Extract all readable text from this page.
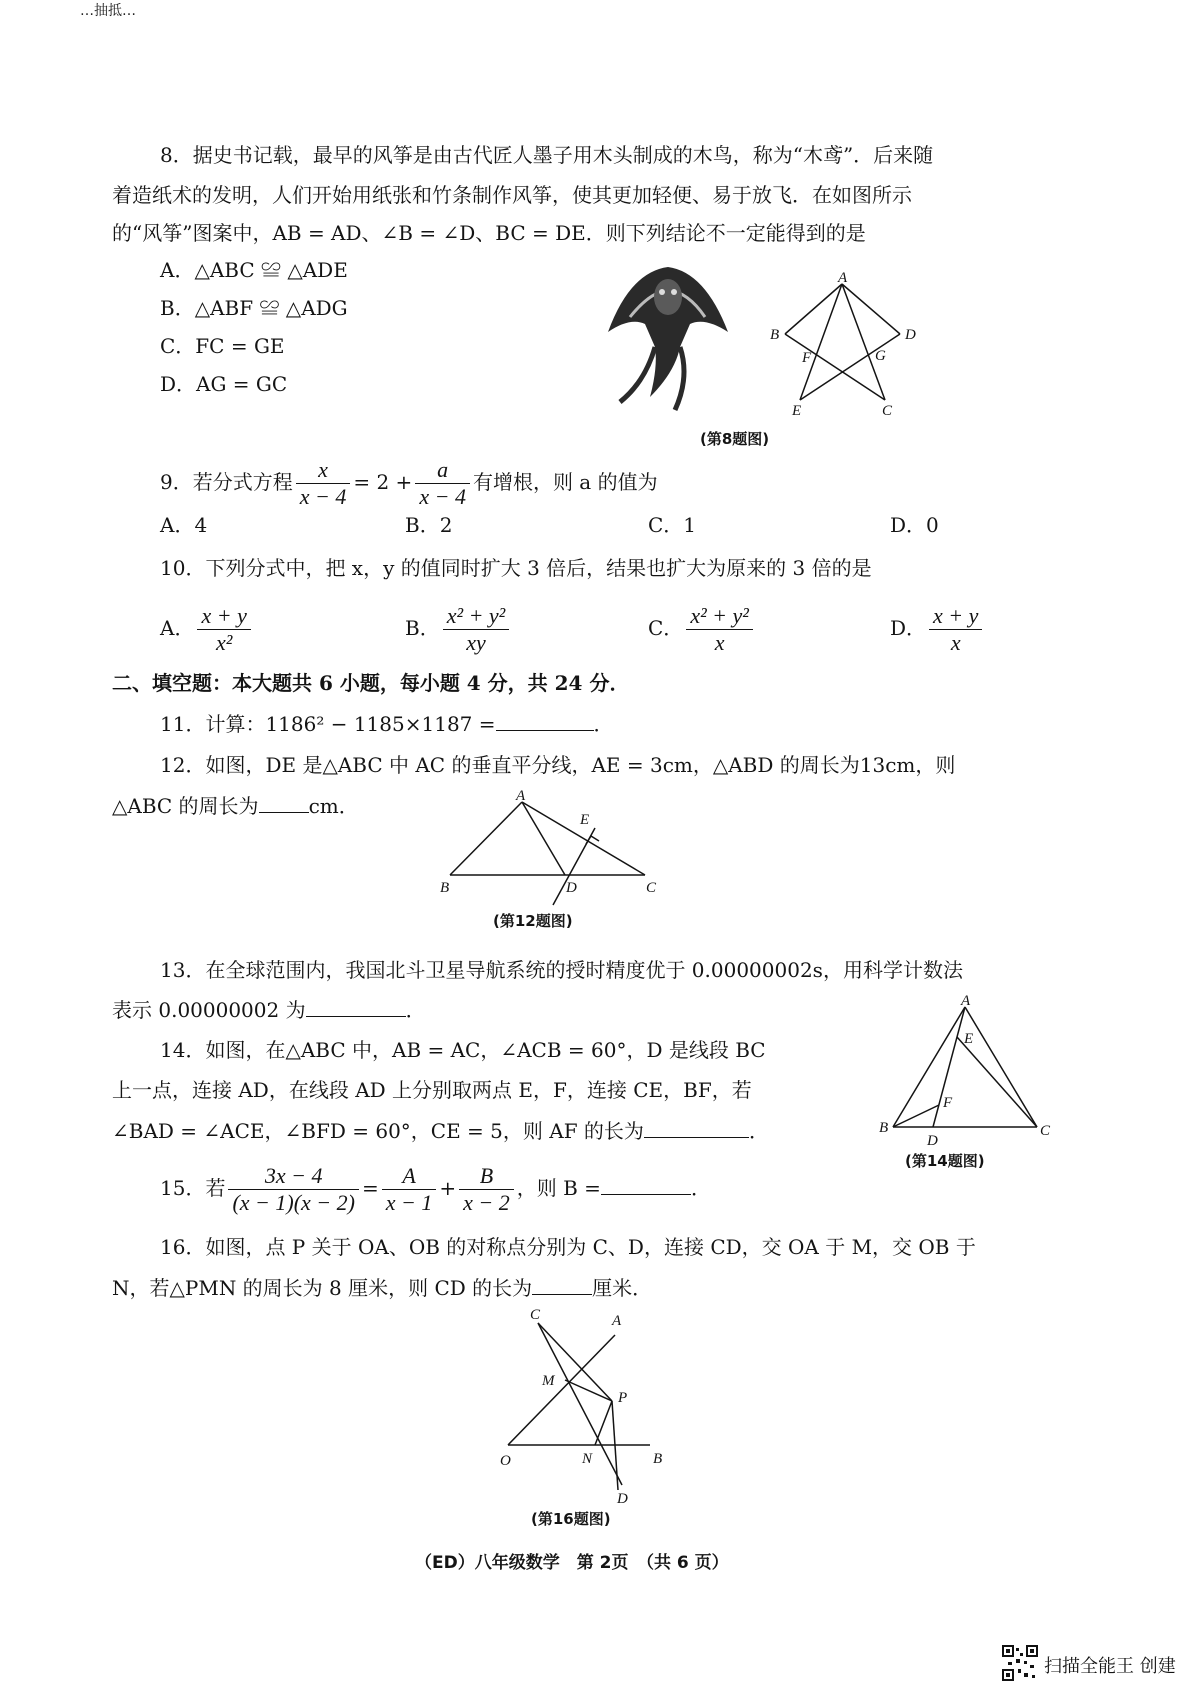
…抽抵…
8．据史书记载，最早的风筝是由古代匠人墨子用木头制成的木鸟，称为“木鸢”．后来随
着造纸术的发明，人们开始用纸张和竹条制作风筝，使其更加轻便、易于放飞．在如图所示
的“风筝”图案中，AB = AD、∠B = ∠D、BC = DE．则下列结论不一定能得到的是
A．△ABC ≌ △ADE
B．△ABF ≌ △ADG
C．FC = GE
D．AG = GC
A
B	D
F	G
E	C
(第8题图)
9．若分式方程 $\frac{x}{x - 4} = 2 + \frac{a}{x - 4}$ 有增根，则 a 的值为
A．4	B．2	C．1	D．0
10．下列分式中，把 x，y 的值同时扩大 3 倍后，结果也扩大为原来的 3 倍的是
A． $\frac{x + y}{\text{x²}}$	B． $\frac{\text{x² + y²}}{xy}$	C． $\frac{\text{x² + y²}}{x}$	D． $\frac{x + y}{x}$
二、填空题：本大题共 6 小题，每小题 4 分，共 24 分．
11．计算：1186² − 1185×1187 =	．
12．如图，DE 是△ABC 中 AC 的垂直平分线，AE = 3cm，△ABD 的周长为13cm，则
△ABC 的周长为	cm．	A
E
B	D	C
(第12题图)
13．在全球范围内，我国北斗卫星导航系统的授时精度优于 0.00000002s，用科学计数法
表示 0.00000002 为	．
14．如图，在△ABC 中，AB = AC，∠ACB = 60°，D 是线段 BC
上一点，连接 AD，在线段 AD 上分别取两点 E，F，连接 CE，BF，若
∠BAD = ∠ACE，∠BFD = 60°，CE = 5，则 AF 的长为	．
A
E
F
B
D
C
(第14题图)
15．若 $\frac{3x - 4}{(x - 1)(x - 2)} = \frac{A}{x - 1} + \frac{B}{x - 2}$ ，则 B =	．
16．如图，点 P 关于 OA、OB 的对称点分别为 C、D，连接 CD，交 OA 于 M，交 OB 于
N，若△PMN 的周长为 8 厘米，则 CD 的长为	厘米．
C	A
M
P
O	N	B
D
(第16题图)
（ED）八年级数学　第 2页　（共 6 页）
扫描全能王 创建
